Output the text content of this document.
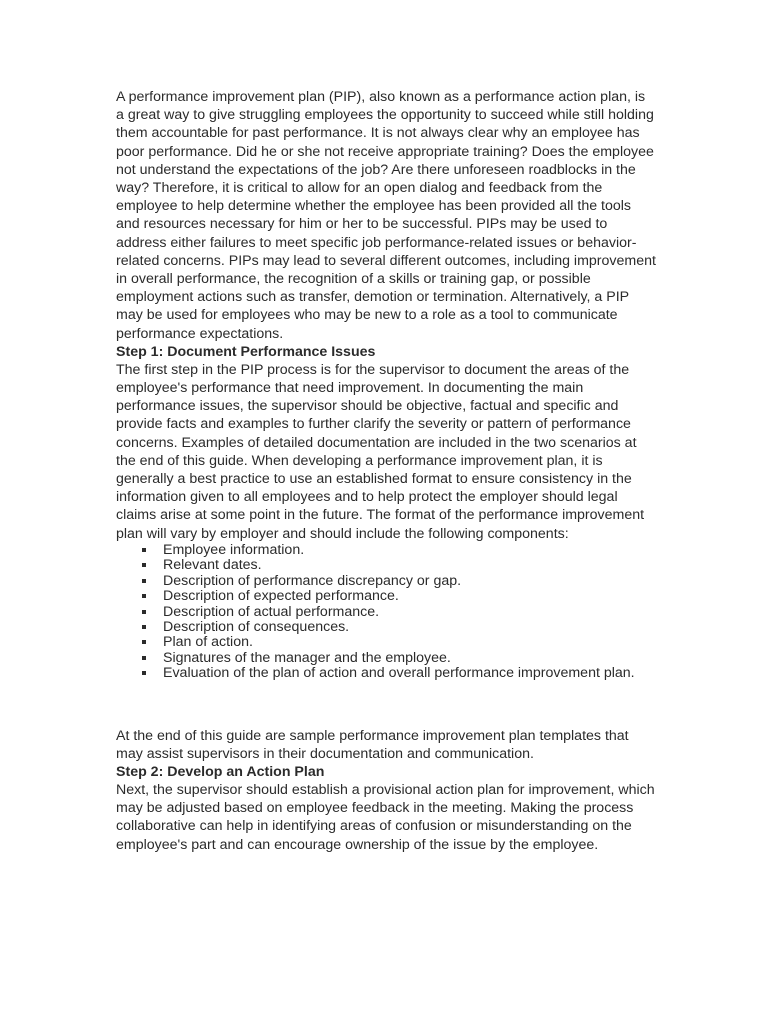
A performance improvement plan (PIP), also known as a performance action plan, is a great way to give struggling employees the opportunity to succeed while still holding them accountable for past performance. It is not always clear why an employee has poor performance. Did he or she not receive appropriate training? Does the employee not understand the expectations of the job? Are there unforeseen roadblocks in the way? Therefore, it is critical to allow for an open dialog and feedback from the employee to help determine whether the employee has been provided all the tools and resources necessary for him or her to be successful. PIPs may be used to address either failures to meet specific job performance-related issues or behavior-related concerns. PIPs may lead to several different outcomes, including improvement in overall performance, the recognition of a skills or training gap, or possible employment actions such as transfer, demotion or termination. Alternatively, a PIP may be used for employees who may be new to a role as a tool to communicate performance expectations.

Step 1: Document Performance Issues

The first step in the PIP process is for the supervisor to document the areas of the employee's performance that need improvement. In documenting the main performance issues, the supervisor should be objective, factual and specific and provide facts and examples to further clarify the severity or pattern of performance concerns. Examples of detailed documentation are included in the two scenarios at the end of this guide. When developing a performance improvement plan, it is generally a best practice to use an established format to ensure consistency in the information given to all employees and to help protect the employer should legal claims arise at some point in the future. The format of the performance improvement plan will vary by employer and should include the following components:

Employee information.
Relevant dates.
Description of performance discrepancy or gap.
Description of expected performance.
Description of actual performance.
Description of consequences.
Plan of action.
Signatures of the manager and the employee.
Evaluation of the plan of action and overall performance improvement plan.

At the end of this guide are sample performance improvement plan templates that may assist supervisors in their documentation and communication.

Step 2: Develop an Action Plan

Next, the supervisor should establish a provisional action plan for improvement, which may be adjusted based on employee feedback in the meeting. Making the process collaborative can help in identifying areas of confusion or misunderstanding on the employee's part and can encourage ownership of the issue by the employee.
